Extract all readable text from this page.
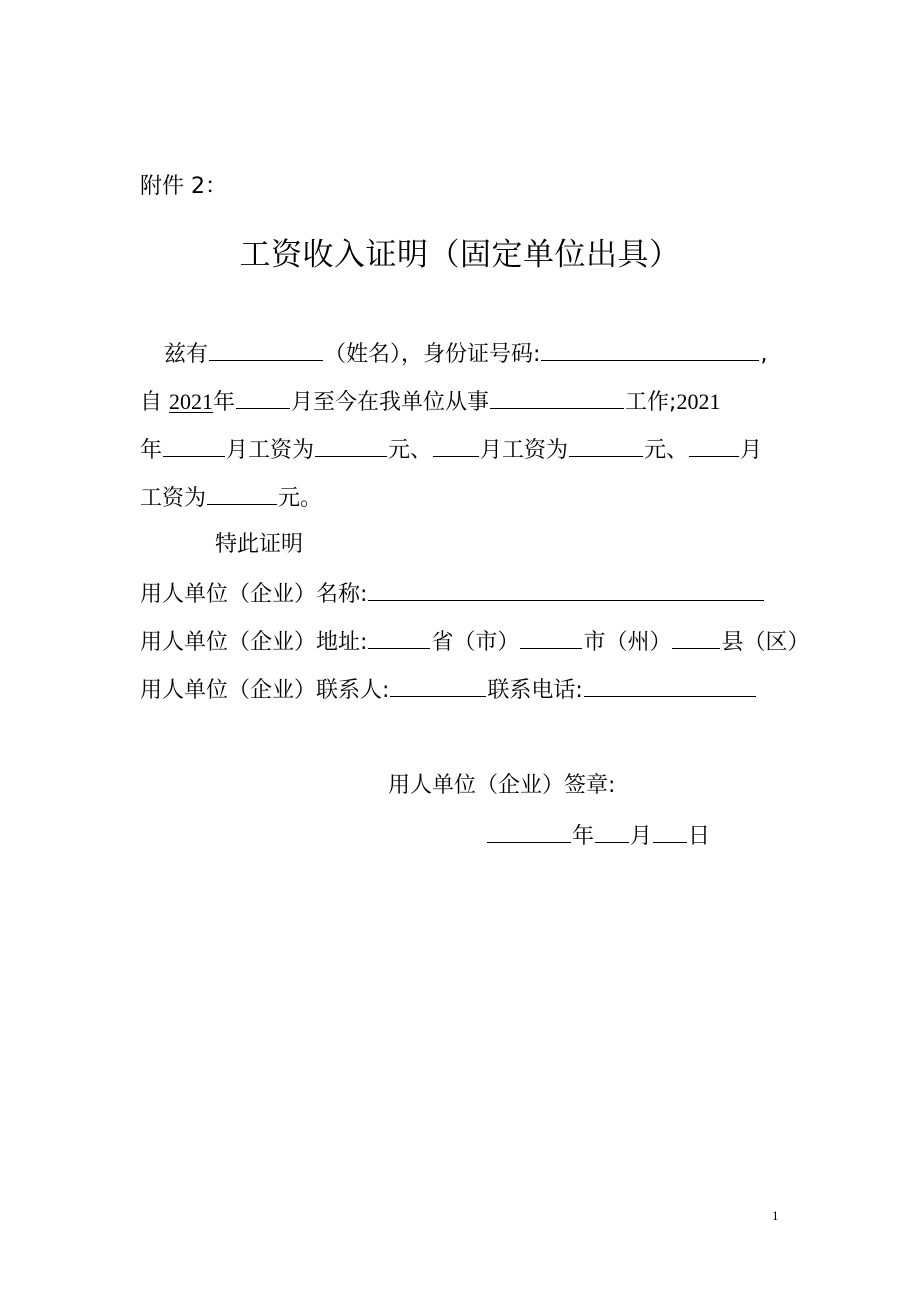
附件 2：
工资收入证明（固定单位出具）
兹有	（姓名），身份证号码:	,
自 2021年	月至今在我单位从事	工作;2021
年	月工资为	元、 月工资为	元、 月
工资为	元。
特此证明
用人单位（企业）名称:
用人单位（企业）地址:	省（市）	市（州） 县（区）
用人单位（企业）联系人:	联系电话:
用人单位（企业）签章:
年 月 日
1
